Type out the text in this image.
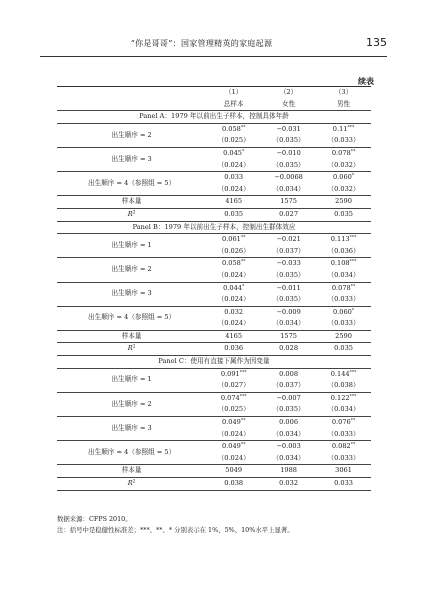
“你是哥哥”：国家管理精英的家庭起源	135
续表
	（1）	（2）	（3）
	总样本	女性	男性
Panel A：1979 年以前出生子样本，控制具体年龄			
出生顺序 = 2	0.058**	−0.031	0.11***
	（0.025）	（0.035）	（0.033）
出生顺序 = 3	0.045*	−0.010	0.078**
	（0.024）	（0.035）	（0.032）
出生顺序 = 4（参照组 = 5）	0.033	−0.0068	0.060*
	（0.024）	（0.034）	（0.032）
样本量	4165	1575	2590
$R^2$	0.035	0.027	0.035
Panel B：1979 年以前出生子样本，控制出生群体效应			
出生顺序 = 1	0.061**	−0.021	0.113***
	（0.026）	（0.037）	（0.036）
出生顺序 = 2	0.058**	−0.033	0.108***
	（0.024）	（0.035）	（0.034）
出生顺序 = 3	0.044*	−0.011	0.078**
	（0.024）	（0.035）	（0.033）
出生顺序 = 4（参照组 = 5）	0.032	−0.009	0.060*
	（0.024）	（0.034）	（0.033）
样本量	4165	1575	2590
$R^2$	0.036	0.028	0.035
Panel C：使用有直接下属作为因变量			
出生顺序 = 1	0.091***	0.008	0.144***
	（0.027）	（0.037）	（0.038）
出生顺序 = 2	0.074***	−0.007	0.122***
	（0.025）	（0.035）	（0.034）
出生顺序 = 3	0.049**	0.006	0.076**
	（0.024）	（0.034）	（0.033）
出生顺序 = 4（参照组 = 5）	0.049**	−0.003	0.082**
	（0.024）	（0.034）	（0.033）
样本量	5049	1988	3061
$R^2$	0.038	0.032	0.033
数据来源：CFPS 2010。
注：括号中是稳健性标准差；***、**、* 分别表示在 1%、5%、10%水平上显著。
